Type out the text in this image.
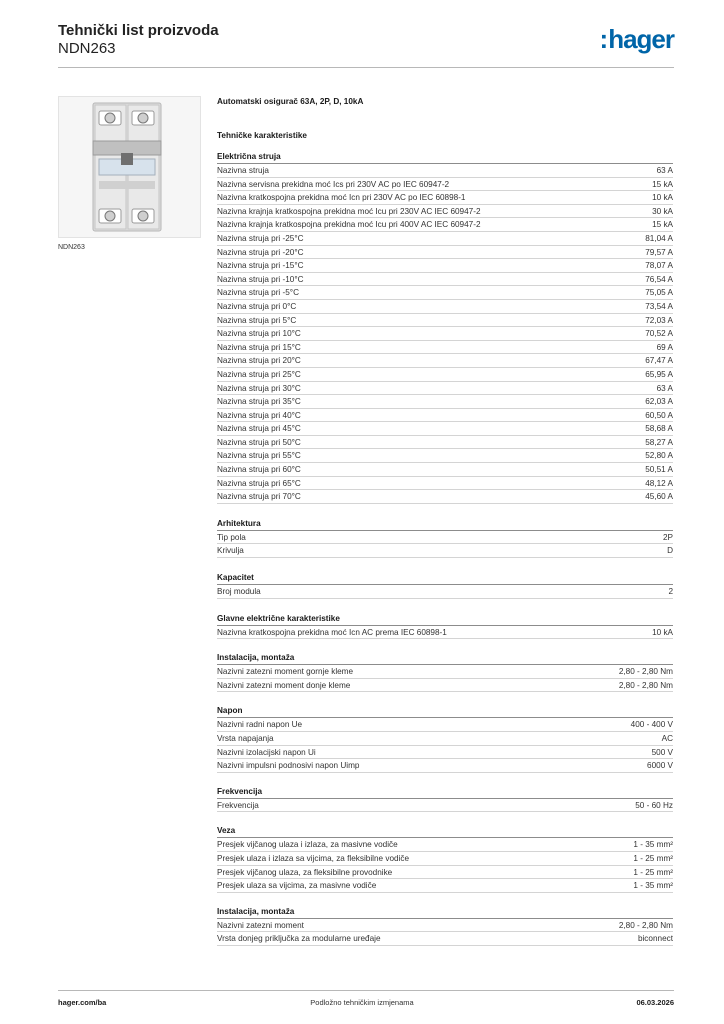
Tehnički list proizvoda
NDN263	:hager
NDN263
Automatski osigurač 63A, 2P, D, 10kA
Tehničke karakteristike
Električna struja
Nazivna struja	63 A
Nazivna servisna prekidna moć Ics pri 230V AC po IEC 60947-2	15 kA
Nazivna kratkospojna prekidna moć Icn pri 230V AC po IEC 60898-1	10 kA
Nazivna krajnja kratkospojna prekidna moć Icu pri 230V AC IEC 60947-2	30 kA
Nazivna krajnja kratkospojna prekidna moć Icu pri 400V AC IEC 60947-2	15 kA
Nazivna struja pri -25°C	81,04 A
Nazivna struja pri -20°C	79,57 A
Nazivna struja pri -15°C	78,07 A
Nazivna struja pri -10°C	76,54 A
Nazivna struja pri -5°C	75,05 A
Nazivna struja pri 0°C	73,54 A
Nazivna struja pri 5°C	72,03 A
Nazivna struja pri 10°C	70,52 A
Nazivna struja pri 15°C	69 A
Nazivna struja pri 20°C	67,47 A
Nazivna struja pri 25°C	65,95 A
Nazivna struja pri 30°C	63 A
Nazivna struja pri 35°C	62,03 A
Nazivna struja pri 40°C	60,50 A
Nazivna struja pri 45°C	58,68 A
Nazivna struja pri 50°C	58,27 A
Nazivna struja pri 55°C	52,80 A
Nazivna struja pri 60°C	50,51 A
Nazivna struja pri 65°C	48,12 A
Nazivna struja pri 70°C	45,60 A
Arhitektura
Tip pola	2P
Krivulja	D
Kapacitet
Broj modula	2
Glavne električne karakteristike
Nazivna kratkospojna prekidna moć Icn AC prema IEC 60898-1	10 kA
Instalacija, montaža
Nazivni zatezni moment gornje kleme	2,80 - 2,80 Nm
Nazivni zatezni moment donje kleme	2,80 - 2,80 Nm
Napon
Nazivni radni napon Ue	400 - 400 V
Vrsta napajanja	AC
Nazivni izolacijski napon Ui	500 V
Nazivni impulsni podnosivi napon Uimp	6000 V
Frekvencija
Frekvencija	50 - 60 Hz
Veza
Presjek vijčanog ulaza i izlaza, za masivne vodiče	1 - 35 mm²
Presjek ulaza i izlaza sa vijcima, za fleksibilne vodiče	1 - 25 mm²
Presjek vijčanog ulaza, za fleksibilne provodnike	1 - 25 mm²
Presjek ulaza sa vijcima, za masivne vodiče	1 - 35 mm²
Instalacija, montaža
Nazivni zatezni moment	2,80 - 2,80 Nm
Vrsta donjeg priključka za modularne uređaje	biconnect
hager.com/ba	Podložno tehničkim izmjenama	06.03.2026
